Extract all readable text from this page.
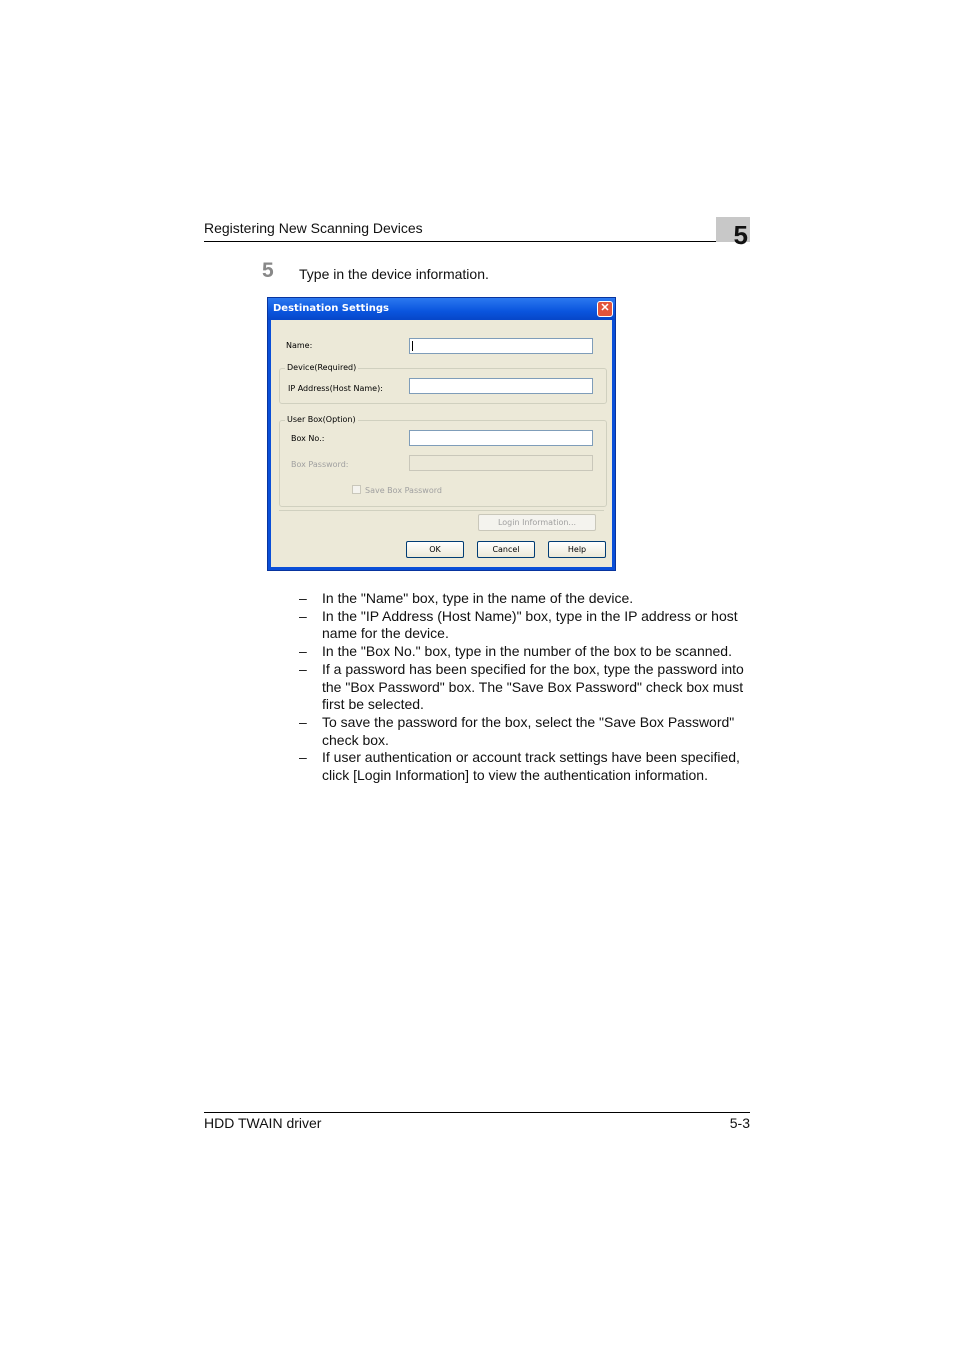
Registering New Scanning Devices	5
5 Type in the device information.
Destination Settings	✕
Name:
Device(Required)
IP Address(Host Name):
User Box(Option)
Box No.:
Box Password:
Save Box Password
Login Information...
OK	Cancel	Help
– In the "Name" box, type in the name of the device.
– In the "IP Address (Host Name)" box, type in the IP address or host name for the device.
– In the "Box No." box, type in the number of the box to be scanned.
– If a password has been specified for the box, type the password into the "Box Password" box. The "Save Box Password" check box must first be selected.
– To save the password for the box, select the "Save Box Password" check box.
– If user authentication or account track settings have been specified, click [Login Information] to view the authentication information.
HDD TWAIN driver	5-3
